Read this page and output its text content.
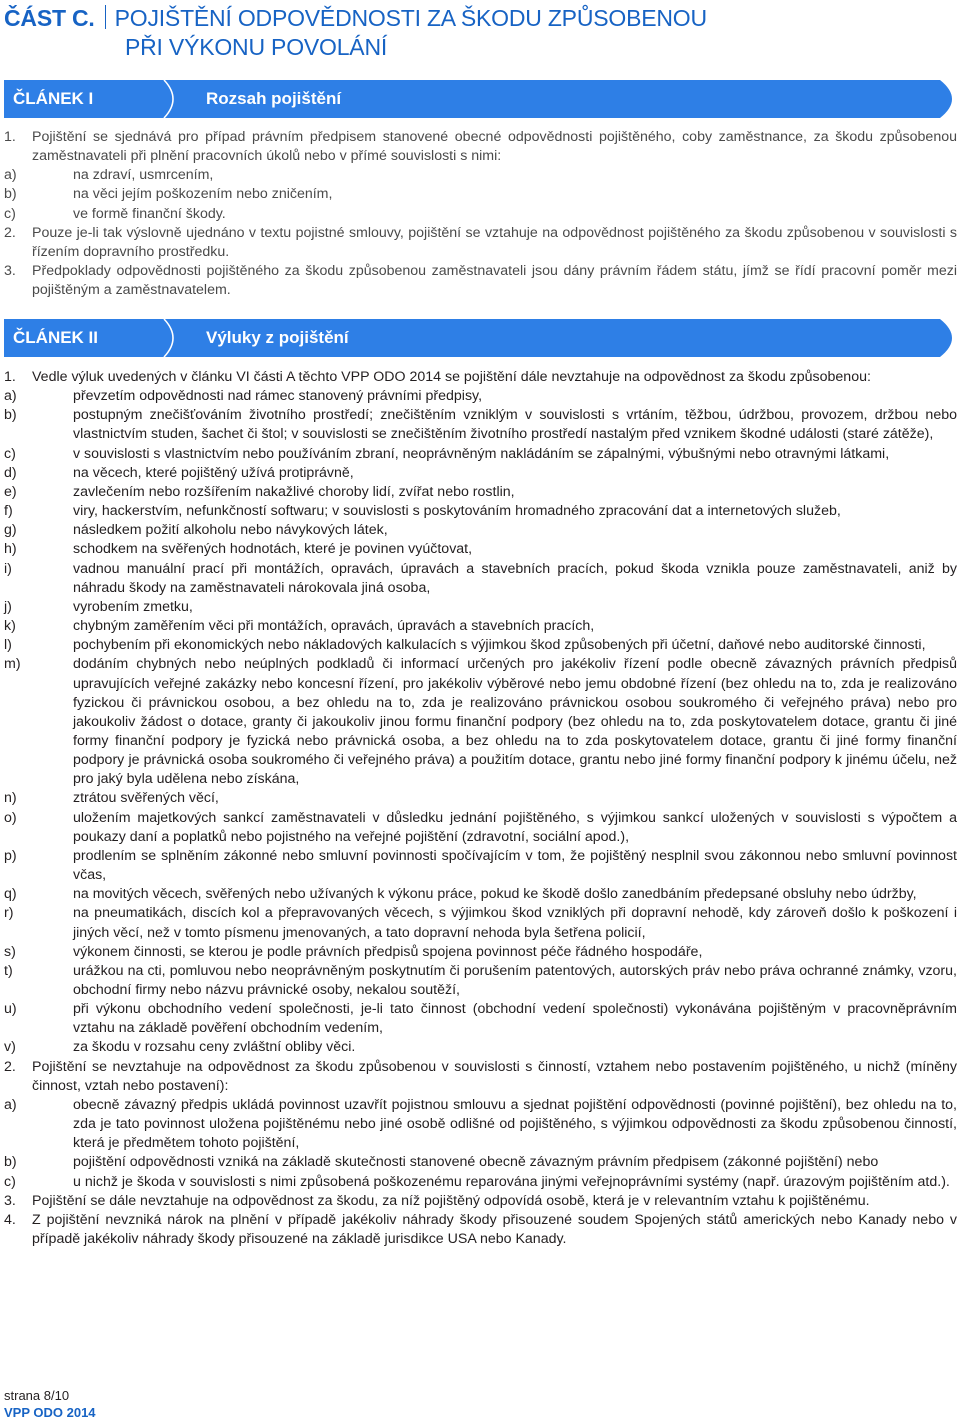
ČÁST C. POJIŠTĚNÍ ODPOVĚDNOSTI ZA ŠKODU ZPŮSOBENOU
PŘI VÝKONU POVOLÁNÍ
ČLÁNEK I	Rozsah pojištění
1.	Pojištění se sjednává pro případ právním předpisem stanovené obecné odpovědnosti pojištěného, coby zaměstnance, za škodu způsobenou zaměstnavateli při plnění pracovních úkolů nebo v přímé souvislosti s nimi:
a)	na zdraví, usmrcením,
b)	na věci jejím poškozením nebo zničením,
c)	ve formě finanční škody.
2.	Pouze je-li tak výslovně ujednáno v textu pojistné smlouvy, pojištění se vztahuje na odpovědnost pojištěného za škodu způsobenou v souvislosti s řízením dopravního prostředku.
3.	Předpoklady odpovědnosti pojištěného za škodu způsobenou zaměstnavateli jsou dány právním řádem státu, jímž se řídí pracovní poměr mezi pojištěným a zaměstnavatelem.
ČLÁNEK II	Výluky z pojištění
1.	Vedle výluk uvedených v článku VI části A těchto VPP ODO 2014 se pojištění dále nevztahuje na odpovědnost za škodu způsobenou:
a)	převzetím odpovědnosti nad rámec stanovený právními předpisy,
b)	postupným znečišťováním životního prostředí; znečištěním vzniklým v souvislosti s vrtáním, těžbou, údržbou, provozem, držbou nebo vlastnictvím studen, šachet či štol; v souvislosti se znečištěním životního prostředí nastalým před vznikem škodné události (staré zátěže),
c)	v souvislosti s vlastnictvím nebo používáním zbraní, neoprávněným nakládáním se zápalnými, výbušnými nebo otravnými látkami,
d)	na věcech, které pojištěný užívá protiprávně,
e)	zavlečením nebo rozšířením nakažlivé choroby lidí, zvířat nebo rostlin,
f)	viry, hackerstvím, nefunkčností softwaru; v souvislosti s poskytováním hromadného zpracování dat a internetových služeb,
g)	následkem požití alkoholu nebo návykových látek,
h)	schodkem na svěřených hodnotách, které je povinen vyúčtovat,
i)	vadnou manuální prací při montážích, opravách, úpravách a stavebních pracích, pokud škoda vznikla pouze zaměstnavateli, aniž by náhradu škody na zaměstnavateli nárokovala jiná osoba,
j)	vyrobením zmetku,
k)	chybným zaměřením věci při montážích, opravách, úpravách a stavebních pracích,
l)	pochybením při ekonomických nebo nákladových kalkulacích s výjimkou škod způsobených při účetní, daňové nebo auditorské činnosti,
m)	dodáním chybných nebo neúplných podkladů či informací určených pro jakékoliv řízení podle obecně závazných právních předpisů upravujících veřejné zakázky nebo koncesní řízení, pro jakékoliv výběrové nebo jemu obdobné řízení (bez ohledu na to, zda je realizováno fyzickou či právnickou osobou, a bez ohledu na to, zda je realizováno právnickou osobou soukromého či veřejného práva) nebo pro jakoukoliv žádost o dotace, granty či jakoukoliv jinou formu finanční podpory (bez ohledu na to, zda poskytovatelem dotace, grantu či jiné formy finanční podpory je fyzická nebo právnická osoba, a bez ohledu na to zda poskytovatelem dotace, grantu či jiné formy finanční podpory je právnická osoba soukromého či veřejného práva) a použitím dotace, grantu nebo jiné formy finanční podpory k jinému účelu, než pro jaký byla udělena nebo získána,
n)	ztrátou svěřených věcí,
o)	uložením majetkových sankcí zaměstnavateli v důsledku jednání pojištěného, s výjimkou sankcí uložených v souvislosti s výpočtem a poukazy daní a poplatků nebo pojistného na veřejné pojištění (zdravotní, sociální apod.),
p)	prodlením se splněním zákonné nebo smluvní povinnosti spočívajícím v tom, že pojištěný nesplnil svou zákonnou nebo smluvní povinnost včas,
q)	na movitých věcech, svěřených nebo užívaných k výkonu práce, pokud ke škodě došlo zanedbáním předepsané obsluhy nebo údržby,
r)	na pneumatikách, discích kol a přepravovaných věcech, s výjimkou škod vzniklých při dopravní nehodě, kdy zároveň došlo k poškození i jiných věcí, než v tomto písmenu jmenovaných, a tato dopravní nehoda byla šetřena policií,
s)	výkonem činnosti, se kterou je podle právních předpisů spojena povinnost péče řádného hospodáře,
t)	urážkou na cti, pomluvou nebo neoprávněným poskytnutím či porušením patentových, autorských práv nebo práva ochranné známky, vzoru, obchodní firmy nebo názvu právnické osoby, nekalou soutěží,
u)	při výkonu obchodního vedení společnosti, je-li tato činnost (obchodní vedení společnosti) vykonávána pojištěným v pracovněprávním vztahu na základě pověření obchodním vedením,
v)	za škodu v rozsahu ceny zvláštní obliby věci.
2.	Pojištění se nevztahuje na odpovědnost za škodu způsobenou v souvislosti s činností, vztahem nebo postavením pojištěného, u nichž (míněny činnost, vztah nebo postavení):
a)	obecně závazný předpis ukládá povinnost uzavřít pojistnou smlouvu a sjednat pojištění odpovědnosti (povinné pojištění), bez ohledu na to, zda je tato povinnost uložena pojištěnému nebo jiné osobě odlišné od pojištěného, s výjimkou odpovědnosti za škodu způsobenou činností, která je předmětem tohoto pojištění,
b)	pojištění odpovědnosti vzniká na základě skutečnosti stanovené obecně závazným právním předpisem (zákonné pojištění) nebo
c)	u nichž je škoda v souvislosti s nimi způsobená poškozenému reparována jinými veřejnoprávními systémy (např. úrazovým pojištěním atd.).
3.	Pojištění se dále nevztahuje na odpovědnost za škodu, za níž pojištěný odpovídá osobě, která je v relevantním vztahu k pojištěnému.
4.	Z pojištění nevzniká nárok na plnění v případě jakékoliv náhrady škody přisouzené soudem Spojených států amerických nebo Kanady nebo v případě jakékoliv náhrady škody přisouzené na základě jurisdikce USA nebo Kanady.
strana 8/10
VPP ODO 2014
